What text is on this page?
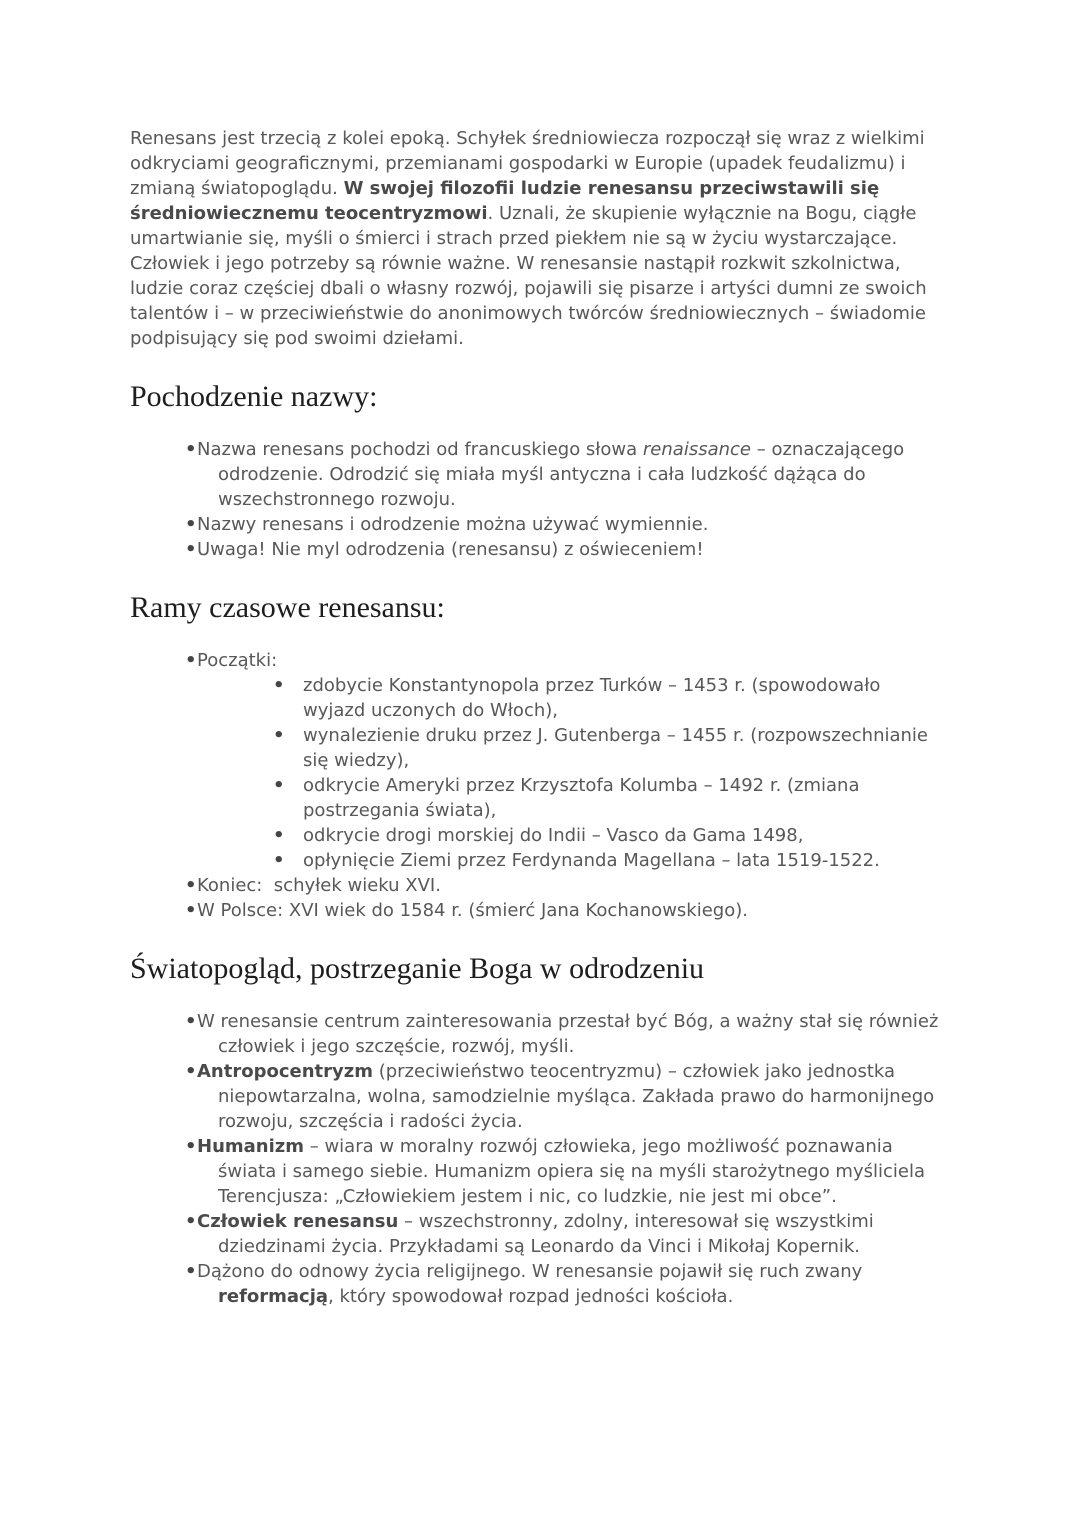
Renesans jest trzecią z kolei epoką. Schyłek średniowiecza rozpoczął się wraz z wielkimi odkryciami geograficznymi, przemianami gospodarki w Europie (upadek feudalizmu) i zmianą światopoglądu. W swojej filozofii ludzie renesansu przeciwstawili się średniowiecznemu teocentryzmowi. Uznali, że skupienie wyłącznie na Bogu, ciągłe umartwianie się, myśli o śmierci i strach przed piekłem nie są w życiu wystarczające. Człowiek i jego potrzeby są równie ważne. W renesansie nastąpił rozkwit szkolnictwa, ludzie coraz częściej dbali o własny rozwój, pojawili się pisarze i artyści dumni ze swoich talentów i – w przeciwieństwie do anonimowych twórców średniowiecznych – świadomie podpisujący się pod swoimi dziełami.

Pochodzenie nazwy:
• Nazwa renesans pochodzi od francuskiego słowa renaissance – oznaczającego odrodzenie. Odrodzić się miała myśl antyczna i cała ludzkość dążąca do wszechstronnego rozwoju.
• Nazwy renesans i odrodzenie można używać wymiennie.
• Uwaga! Nie myl odrodzenia (renesansu) z oświeceniem!
Ramy czasowe renesansu:
• Początki:
• zdobycie Konstantynopola przez Turków – 1453 r. (spowodowało wyjazd uczonych do Włoch),
• wynalezienie druku przez J. Gutenberga – 1455 r. (rozpowszechnianie się wiedzy),
• odkrycie Ameryki przez Krzysztofa Kolumba – 1492 r. (zmiana postrzegania świata),
• odkrycie drogi morskiej do Indii – Vasco da Gama 1498,
• opłynięcie Ziemi przez Ferdynanda Magellana – lata 1519-1522.
• Koniec:  schyłek wieku XVI.
• W Polsce: XVI wiek do 1584 r. (śmierć Jana Kochanowskiego).
Światopogląd, postrzeganie Boga w odrodzeniu
• W renesansie centrum zainteresowania przestał być Bóg, a ważny stał się również człowiek i jego szczęście, rozwój, myśli.
• Antropocentryzm (przeciwieństwo teocentryzmu) – człowiek jako jednostka niepowtarzalna, wolna, samodzielnie myśląca. Zakłada prawo do harmonijnego rozwoju, szczęścia i radości życia.
• Humanizm – wiara w moralny rozwój człowieka, jego możliwość poznawania świata i samego siebie. Humanizm opiera się na myśli starożytnego myśliciela Terencjusza: „Człowiekiem jestem i nic, co ludzkie, nie jest mi obce”.
• Człowiek renesansu – wszechstronny, zdolny, interesował się wszystkimi dziedzinami życia. Przykładami są Leonardo da Vinci i Mikołaj Kopernik.
• Dążono do odnowy życia religijnego. W renesansie pojawił się ruch zwany reformacją, który spowodował rozpad jedności kościoła.
